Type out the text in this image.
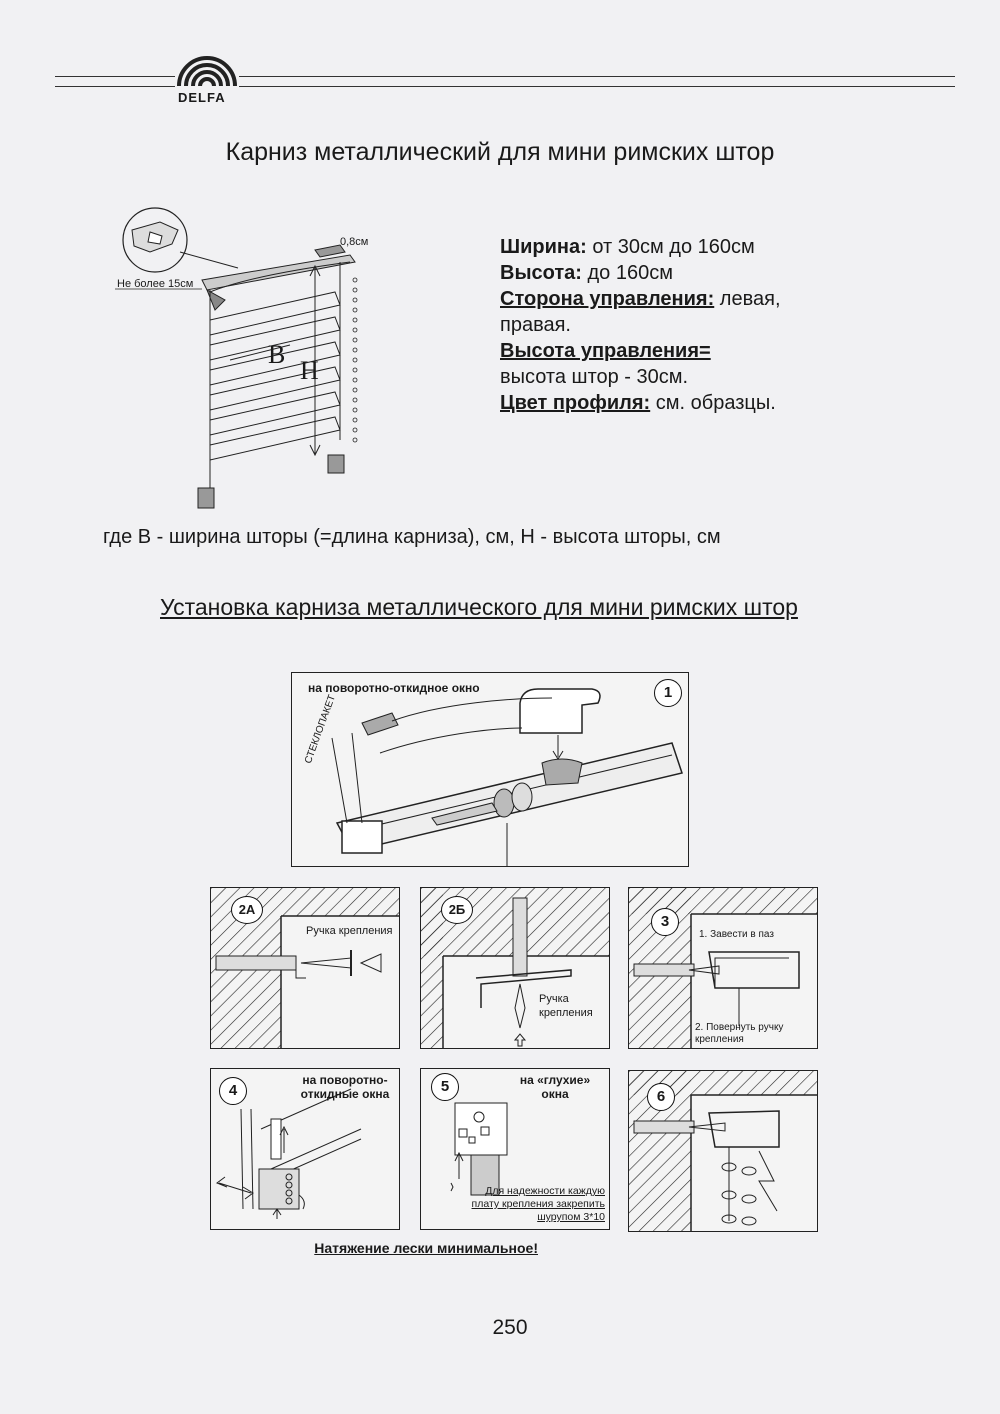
DELFA
Карниз металлический для мини римских штор
Не более 15см
0,8см
B
H
Ширина: от 30см до 160см
Высота: до 160см
Сторона управления: левая, правая.
Высота управления=
высота штор - 30см.
Цвет профиля: см. образцы.
где В - ширина шторы (=длина карниза), см, Н - высота шторы, см
Установка карниза металлического для мини римских штор
на поворотно-откидное окно	1
СТЕКЛОПАКЕТ
2А
Ручка крепления
2Б
Ручка крепления
3
1. Завести в паз
2. Повернуть ручку крепления
4
на поворотно-откидные окна	5	на «глухие» окна
Для надежности каждую плату крепления закрепить шурупом 3*10
6
Натяжение лески минимальное!
250
